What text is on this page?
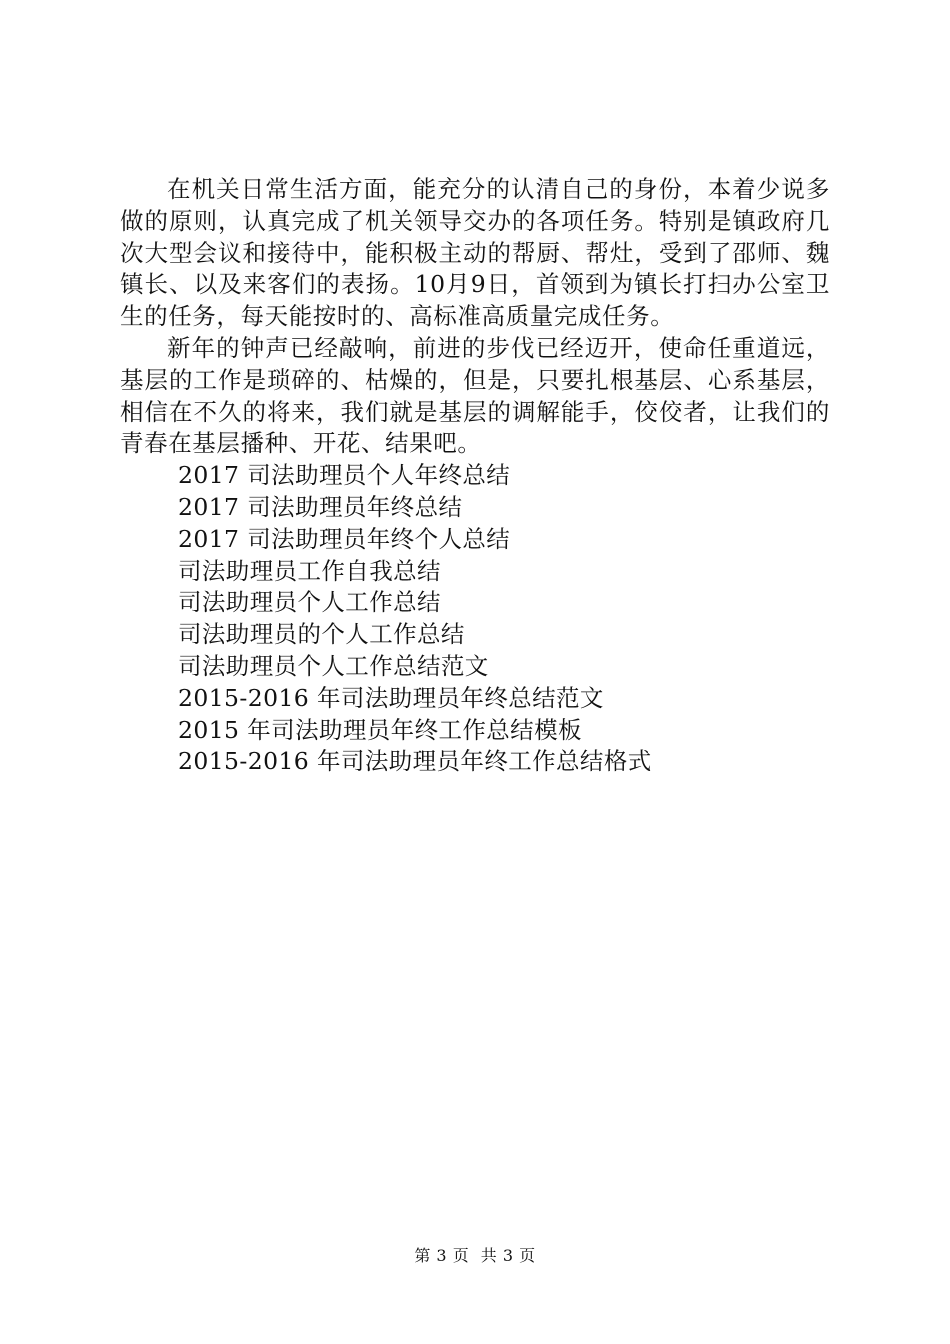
在机关日常生活方面，能充分的认清自己的身份，本着少说多做的原则，认真完成了机关领导交办的各项任务。特别是镇政府几次大型会议和接待中，能积极主动的帮厨、帮灶，受到了邵师、魏镇长、以及来客们的表扬。10月9日，首领到为镇长打扫办公室卫生的任务，每天能按时的、高标准高质量完成任务。

新年的钟声已经敲响，前进的步伐已经迈开，使命任重道远，基层的工作是琐碎的、枯燥的，但是，只要扎根基层、心系基层，相信在不久的将来，我们就是基层的调解能手，佼佼者，让我们的青春在基层播种、开花、结果吧。

2017 司法助理员个人年终总结
2017 司法助理员年终总结
2017 司法助理员年终个人总结
司法助理员工作自我总结
司法助理员个人工作总结
司法助理员的个人工作总结
司法助理员个人工作总结范文
2015-2016 年司法助理员年终总结范文
2015 年司法助理员年终工作总结模板
2015-2016 年司法助理员年终工作总结格式
第 3 页 共 3 页
